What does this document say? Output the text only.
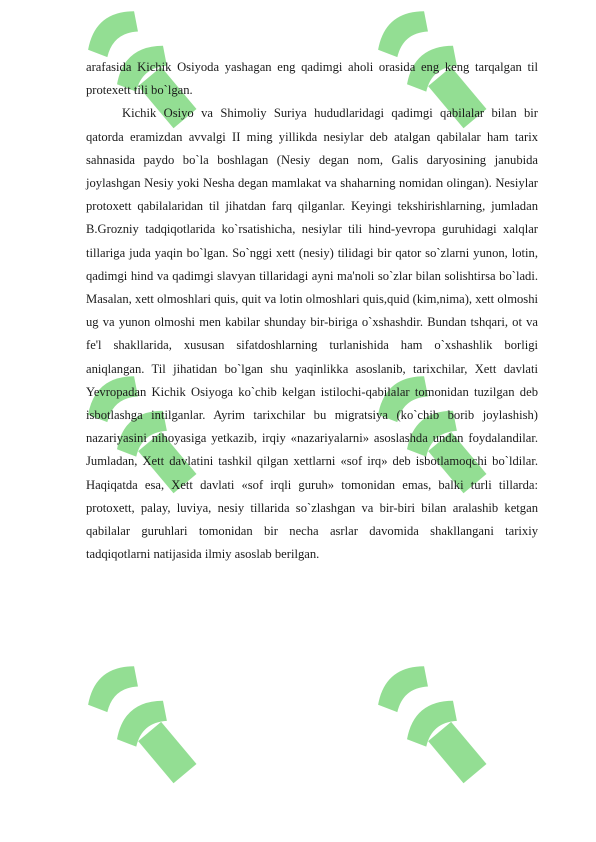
arafasida Kichik Osiyoda yashagan eng qadimgi aholi orasida eng keng tarqalgan til protexett tili bo`lgan.

Kichik Osiyo va Shimoliy Suriya hududlaridagi qadimgi qabilalar bilan bir qatorda eramizdan avvalgi II ming yillikda nesiylar deb atalgan qabilalar ham tarix sahnasida paydo bo`la boshlagan (Nesiy degan nom, Galis daryosining janubida joylashgan Nesiy yoki Nesha degan mamlakat va shaharning nomidan olingan). Nesiylar protoxett qabilalaridan til jihatdan farq qilganlar. Keyingi tekshirishlarning, jumladan B.Grozniy tadqiqotlarida ko`rsatishicha, nesiylar tili hind-yevropa guruhidagi xalqlar tillariga juda yaqin bo`lgan. So`nggi xett (nesiy) tilidagi bir qator so`zlarni yunon, lotin, qadimgi hind va qadimgi slavyan tillaridagi ayni ma'noli so`zlar bilan solishtirsa bo`ladi. Masalan, xett olmoshlari quis, quit va lotin olmoshlari quis,quid (kim,nima), xett olmoshi ug va yunon olmoshi men kabilar shunday bir-biriga o`xshashdir. Bundan tshqari, ot va fe'l shakllarida, xususan sifatdoshlarning turlanishida ham o`xshashlik borligi aniqlangan. Til jihatidan bo`lgan shu yaqinlikka asoslanib, tarixchilar, Xett davlati Yevropadan Kichik Osiyoga ko`chib kelgan istilochi-qabilalar tomonidan tuzilgan deb isbotlashga intilganlar. Ayrim tarixchilar bu migratsiya (ko`chib borib joylashish) nazariyasini nihoyasiga yetkazib, irqiy «nazariyalarni» asoslashda undan foydalandilar. Jumladan, Xett davlatini tashkil qilgan xettlarni «sof irq» deb isbotlamoqchi bo`ldilar. Haqiqatda esa, Xett davlati «sof irqli guruh» tomonidan emas, balki turli tillarda: protoxett, palay, luviya, nesiy tillarida so`zlashgan va bir-biri bilan aralashib ketgan qabilalar guruhlari tomonidan bir necha asrlar davomida shakllangani tarixiy tadqiqotlarni natijasida ilmiy asoslab berilgan.
